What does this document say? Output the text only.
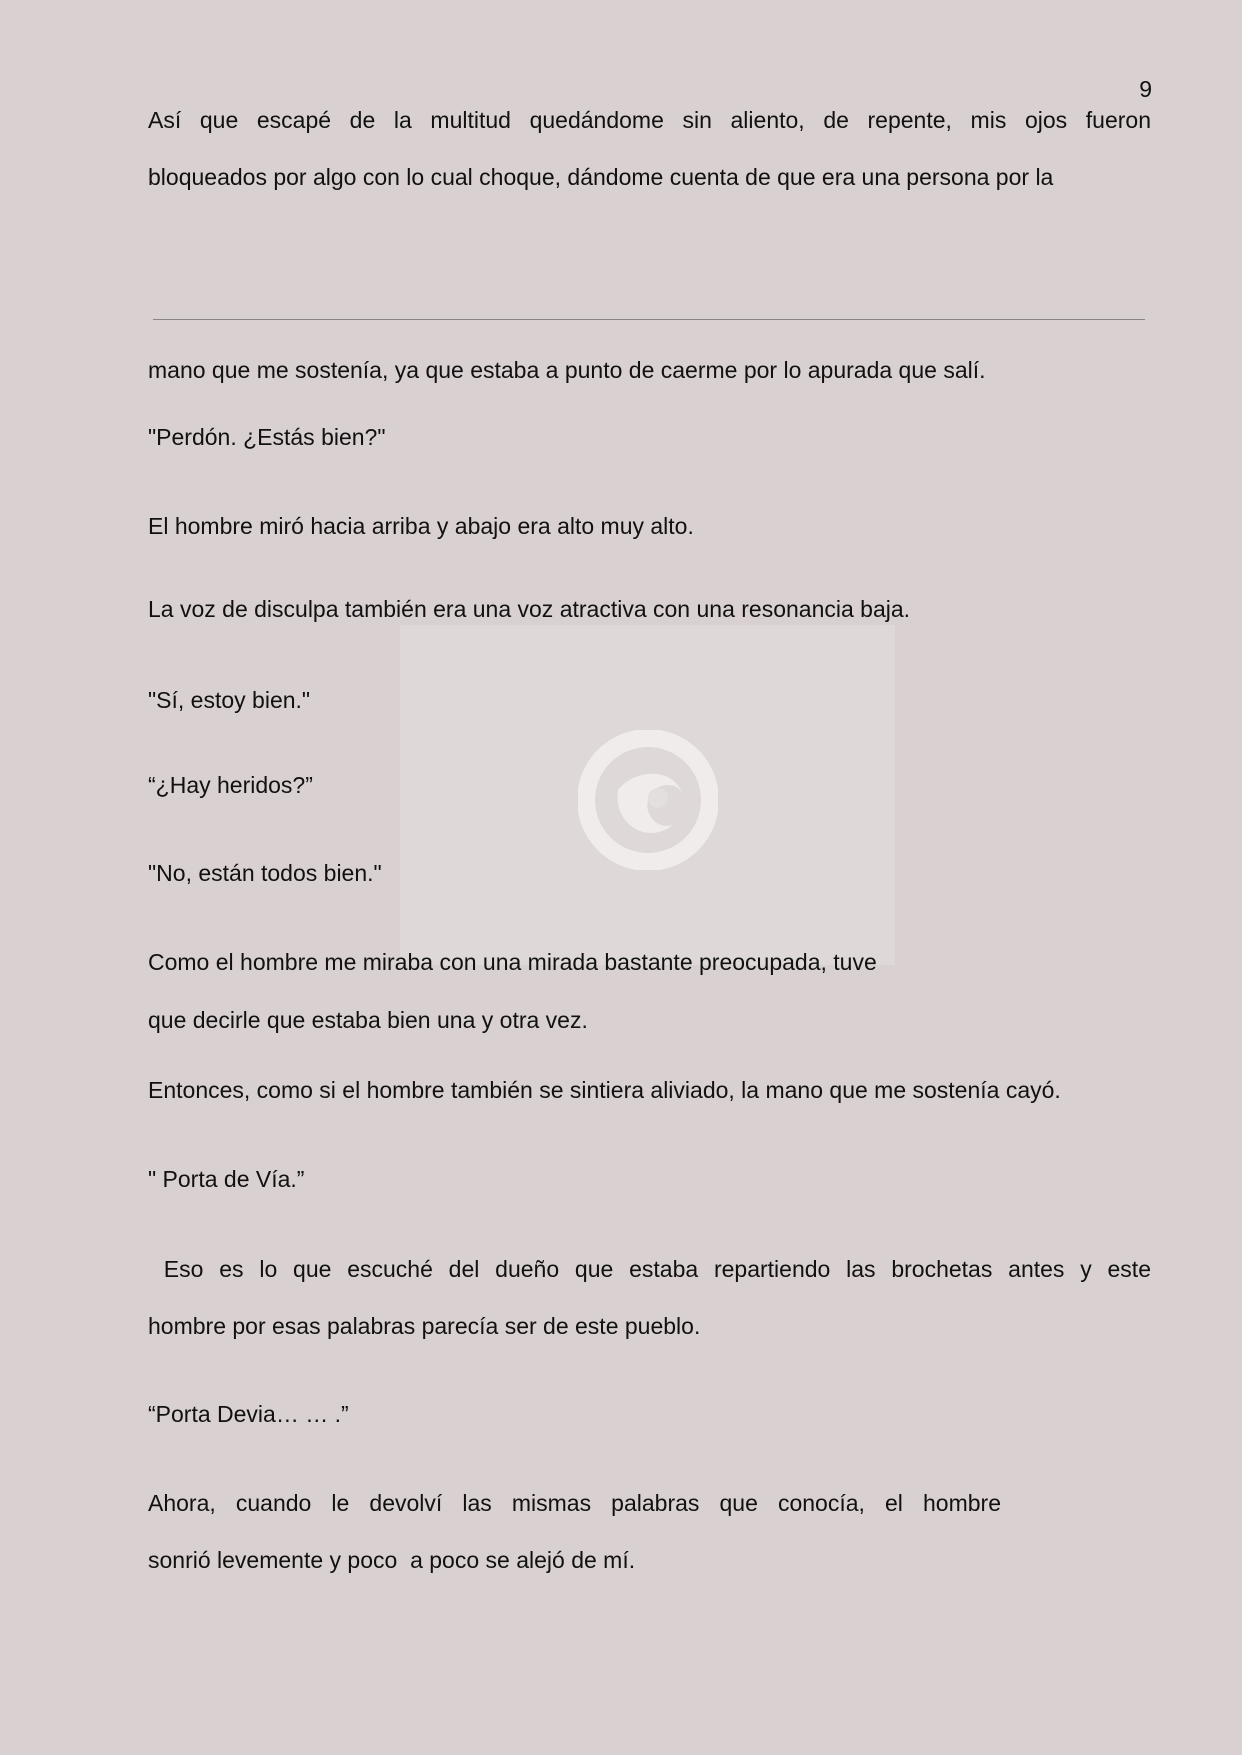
9

Así que escapé de la multitud quedándome sin aliento, de repente, mis ojos fueron

bloqueados por algo con lo cual choque, dándome cuenta de que era una persona por la

mano que me sostenía, ya que estaba a punto de caerme por lo apurada que salí.

"Perdón. ¿Estás bien?"

El hombre miró hacia arriba y abajo era alto muy alto.

La voz de disculpa también era una voz atractiva con una resonancia baja.

"Sí, estoy bien."

“¿Hay heridos?”

"No, están todos bien."

Como el hombre me miraba con una mirada bastante preocupada, tuve

que decirle que estaba bien una y otra vez.

Entonces, como si el hombre también se sintiera aliviado, la mano que me sostenía cayó.

" Porta de Vía.”

Eso es lo que escuché del dueño que estaba repartiendo las brochetas antes y este

hombre por esas palabras parecía ser de este pueblo.

“Porta Devia… … .”

Ahora, cuando le devolví las mismas palabras que conocía, el hombre

sonrió levemente y poco  a poco se alejó de mí.
